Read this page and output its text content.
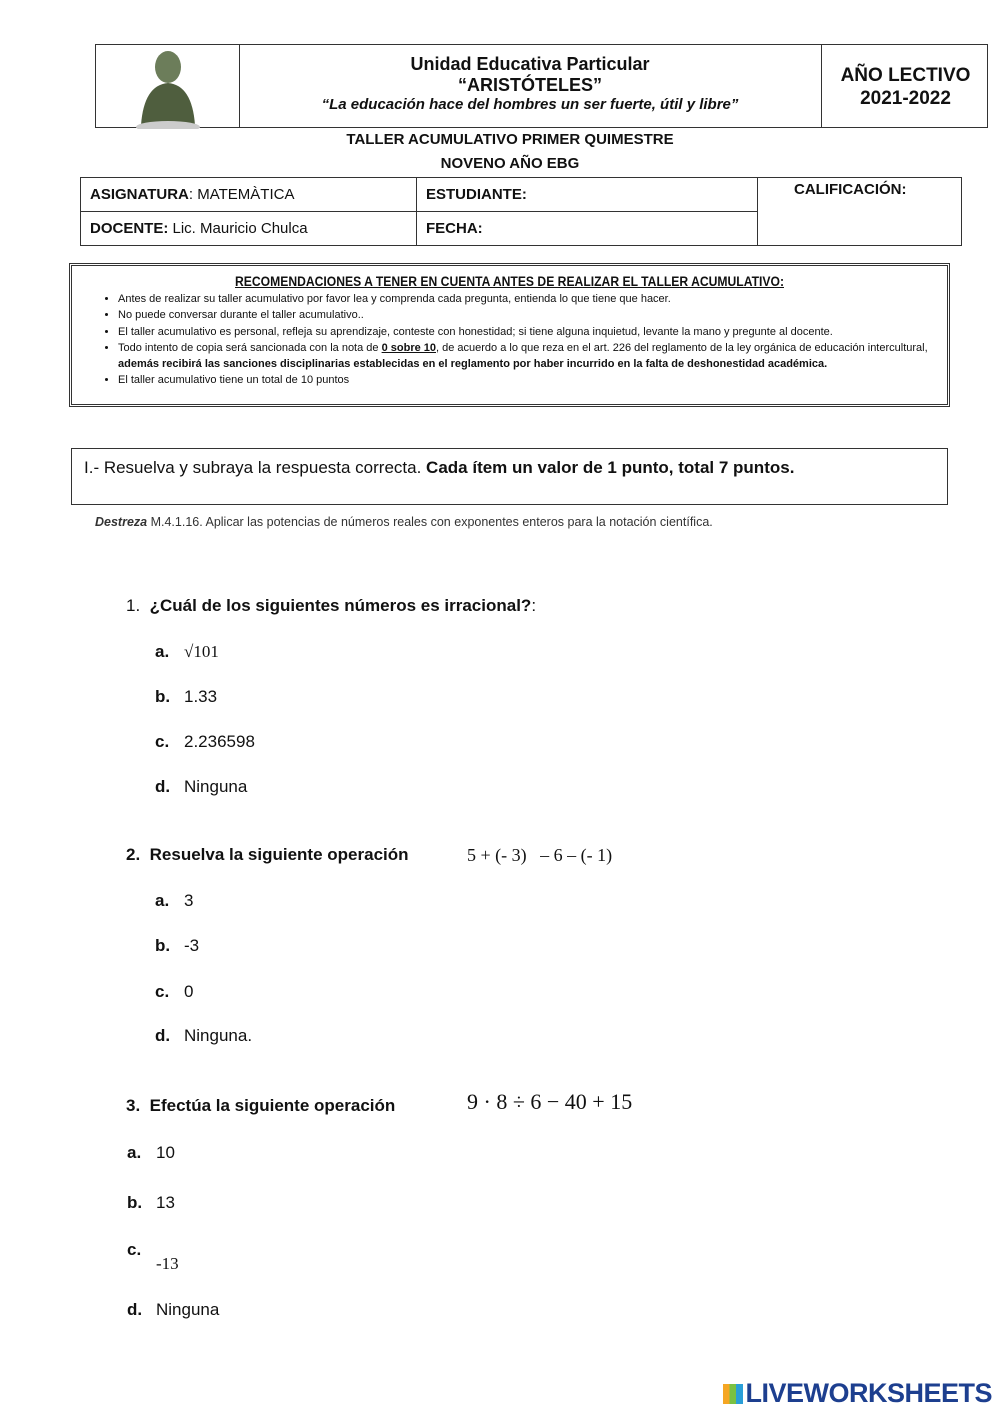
Unidad Educativa Particular
“ARISTÓTELES”
“La educación hace del hombres un ser fuerte, útil y libre”
AÑO LECTIVO
2021-2022
TALLER ACUMULATIVO PRIMER QUIMESTRE
NOVENO AÑO EBG
ASIGNATURA: MATEMÀTICA	ESTUDIANTE:	CALIFICACIÓN:
DOCENTE: Lic. Mauricio Chulca	FECHA:	
RECOMENDACIONES A TENER EN CUENTA ANTES DE REALIZAR EL TALLER ACUMULATIVO:
• Antes de realizar su taller acumulativo por favor lea y comprenda cada pregunta, entienda lo que tiene que hacer.
• No puede conversar durante el taller acumulativo..
• El taller acumulativo es personal, refleja su aprendizaje, conteste con honestidad; si tiene alguna inquietud, levante la mano y pregunte al docente.
• Todo intento de copia será sancionada con la nota de 0 sobre 10, de acuerdo a lo que reza en el art. 226 del reglamento de la ley orgánica de educación intercultural,
además recibirá las sanciones disciplinarias establecidas en el reglamento por haber incurrido en la falta de deshonestidad académica.
• El taller acumulativo tiene un total de 10 puntos
I.- Resuelva y subraya la respuesta correcta. Cada ítem un valor de 1 punto, total 7 puntos.
Destreza M.4.1.16. Aplicar las potencias de números reales con exponentes enteros para la notación científica.
1. ¿Cuál de los siguientes números es irracional?:
a. √101
b. 1.33
c. 2.236598
d. Ninguna
2. Resuelva la siguiente operación	5 + (- 3)   – 6 – (- 1)
a. 3
b. -3
c. 0
d. Ninguna.
3. Efectúa la siguiente operación	9 · 8 ÷ 6 − 40 + 15
a. 10
b. 13
c.-13
d. Ninguna
LIVEWORKSHEETS
